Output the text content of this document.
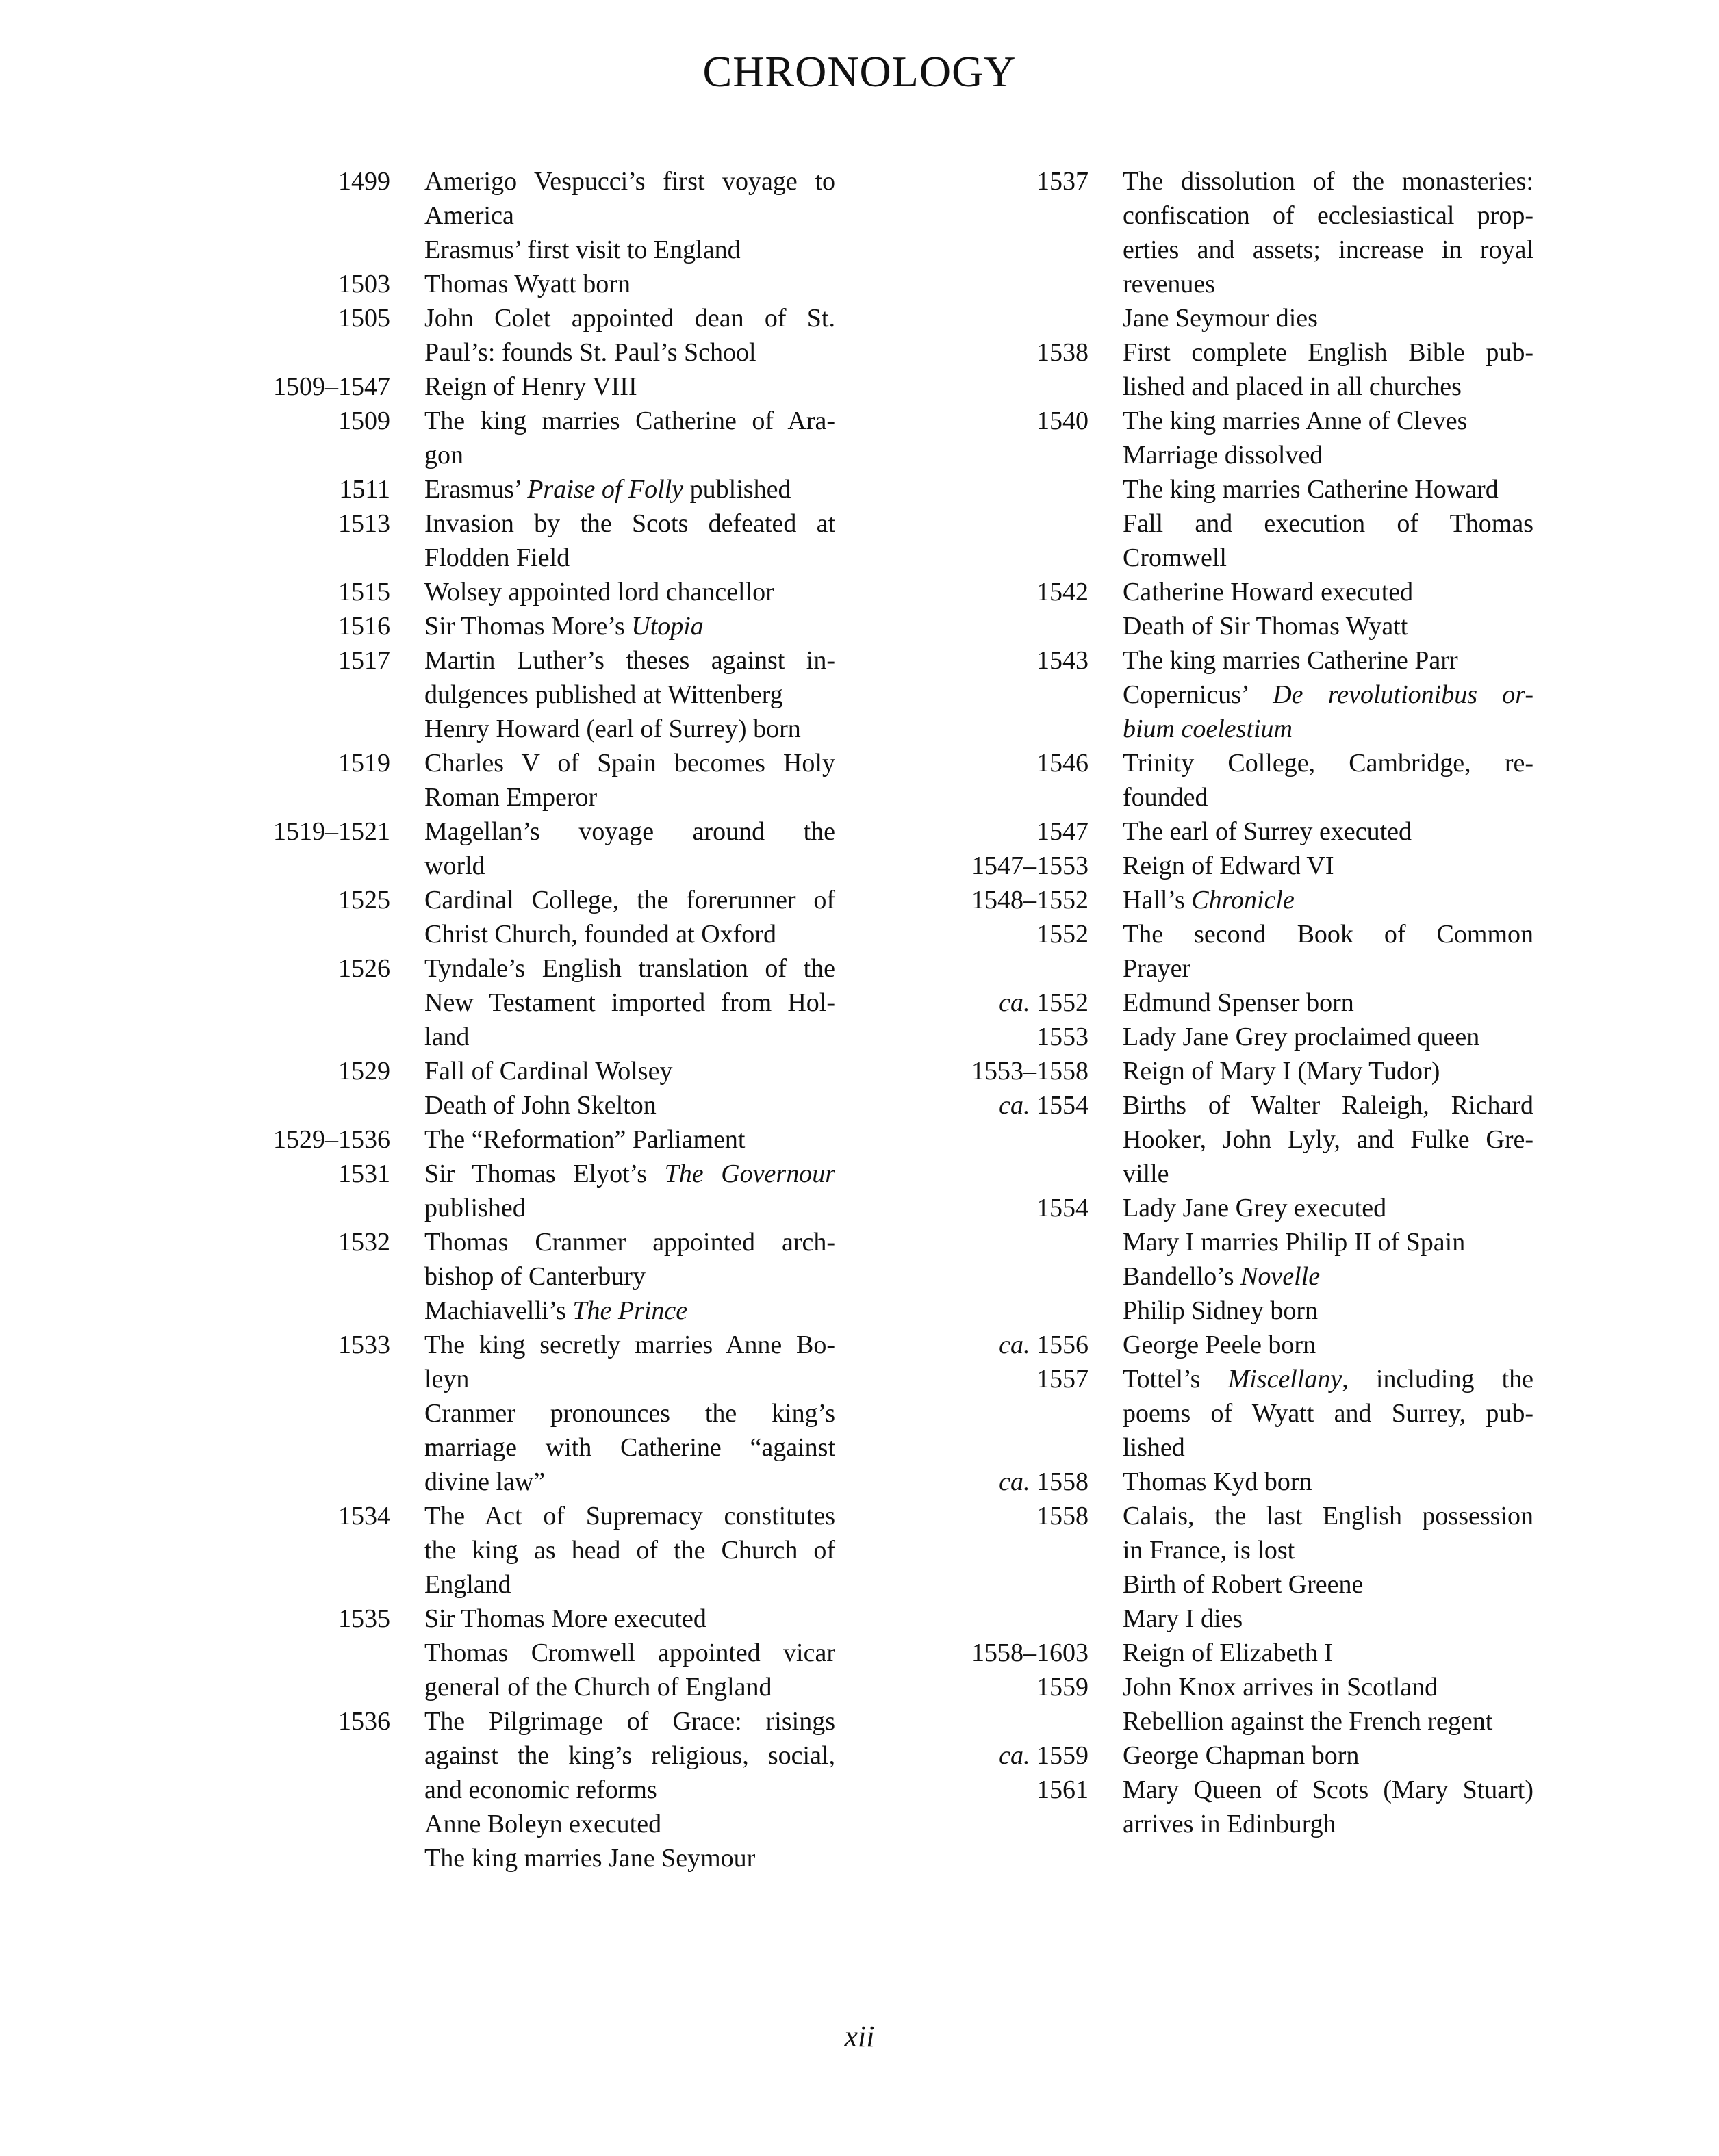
CHRONOLOGY
1499 Amerigo Vespucci’s first voyage to
America
Erasmus’ first visit to England
1503 Thomas Wyatt born
1505 John Colet appointed dean of St.
Paul’s: founds St. Paul’s School
1509–1547 Reign of Henry VIII
1509 The king marries Catherine of Ara-
gon
1511 Erasmus’ Praise of Folly published
1513 Invasion by the Scots defeated at
Flodden Field
1515 Wolsey appointed lord chancellor
1516 Sir Thomas More’s Utopia
1517 Martin Luther’s theses against in-
dulgences published at Wittenberg
Henry Howard (earl of Surrey) born
1519 Charles V of Spain becomes Holy
Roman Emperor
1519–1521 Magellan’s voyage around the
world
1525 Cardinal College, the forerunner of
Christ Church, founded at Oxford
1526 Tyndale’s English translation of the
New Testament imported from Hol-
land
1529 Fall of Cardinal Wolsey
Death of John Skelton
1529–1536 The “Reformation” Parliament
1531 Sir Thomas Elyot’s The Governour
published
1532 Thomas Cranmer appointed arch-
bishop of Canterbury
Machiavelli’s The Prince
1533 The king secretly marries Anne Bo-
leyn
Cranmer pronounces the king’s
marriage with Catherine “against
divine law”
1534 The Act of Supremacy constitutes
the king as head of the Church of
England
1535 Sir Thomas More executed
Thomas Cromwell appointed vicar
general of the Church of England
1536 The Pilgrimage of Grace: risings
against the king’s religious, social,
and economic reforms
Anne Boleyn executed
The king marries Jane Seymour
1537 The dissolution of the monasteries:
confiscation of ecclesiastical prop-
erties and assets; increase in royal
revenues
Jane Seymour dies
1538 First complete English Bible pub-
lished and placed in all churches
1540 The king marries Anne of Cleves
Marriage dissolved
The king marries Catherine Howard
Fall and execution of Thomas
Cromwell
1542 Catherine Howard executed
Death of Sir Thomas Wyatt
1543 The king marries Catherine Parr
Copernicus’ De revolutionibus or-
bium coelestium
1546 Trinity College, Cambridge, re-
founded
1547 The earl of Surrey executed
1547–1553 Reign of Edward VI
1548–1552 Hall’s Chronicle
1552 The second Book of Common
Prayer
ca. 1552 Edmund Spenser born
1553 Lady Jane Grey proclaimed queen
1553–1558 Reign of Mary I (Mary Tudor)
ca. 1554 Births of Walter Raleigh, Richard
Hooker, John Lyly, and Fulke Gre-
ville
1554 Lady Jane Grey executed
Mary I marries Philip II of Spain
Bandello’s Novelle
Philip Sidney born
ca. 1556 George Peele born
1557 Tottel’s Miscellany, including the
poems of Wyatt and Surrey, pub-
lished
ca. 1558 Thomas Kyd born
1558 Calais, the last English possession
in France, is lost
Birth of Robert Greene
Mary I dies
1558–1603 Reign of Elizabeth I
1559 John Knox arrives in Scotland
Rebellion against the French regent
ca. 1559 George Chapman born
1561 Mary Queen of Scots (Mary Stuart)
arrives in Edinburgh
xii
